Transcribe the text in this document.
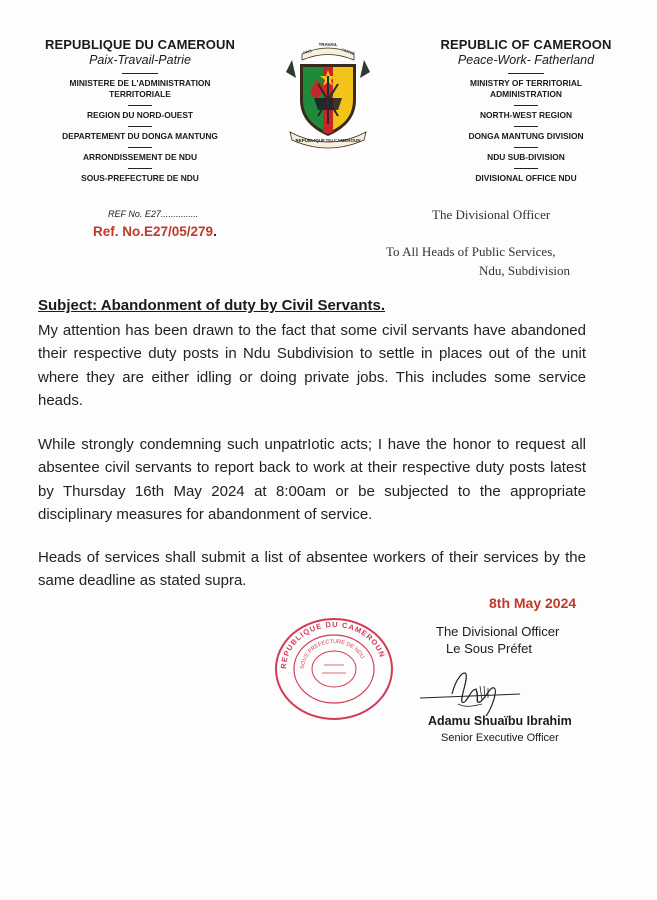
REPUBLIQUE DU CAMEROUN
Paix-Travail-Patrie
MINISTERE DE L'ADMINISTRATION
TERRITORIALE
REGION DU NORD-OUEST
DEPARTEMENT DU DONGA MANTUNG
ARRONDISSEMENT DE NDU
SOUS-PREFECTURE DE NDU
TRAVAIL
PAIX	PATRIE
REPUBLIQUE DU CAMEROUN
REPUBLIC OF CAMEROON
Peace-Work- Fatherland
MINISTRY OF TERRITORIAL
ADMINISTRATION
NORTH-WEST REGION
DONGA MANTUNG DIVISION
NDU SUB-DIVISION
DIVISIONAL OFFICE NDU
REF No. E27...............
Ref. No.E27/05/279.
The Divisional Officer
To All Heads of Public Services,
Ndu, Subdivision
Subject: Abandonment of duty by Civil Servants.
My attention has been drawn to the fact that some civil servants have abandoned their respective duty posts in Ndu Subdivision to settle in places out of the unit where they are either idling or doing private jobs. This includes some service heads.
While strongly condemning such unpatrIotic acts; I have the honor to request all absentee civil servants to report back to work at their respective duty posts latest by Thursday 16th May 2024 at 8:00am or be subjected to the appropriate disciplinary measures for abandonment of service.
Heads of services shall submit a list of absentee workers of their services by the same deadline as stated supra.
REPUBLIQUE DU CAMEROUN
SOUS PREFECTURE DE NDU
8th May 2024
The Divisional Officer
Le Sous Préfet
Adamu Shuaïbu Ibrahim
Senior Executive Officer
